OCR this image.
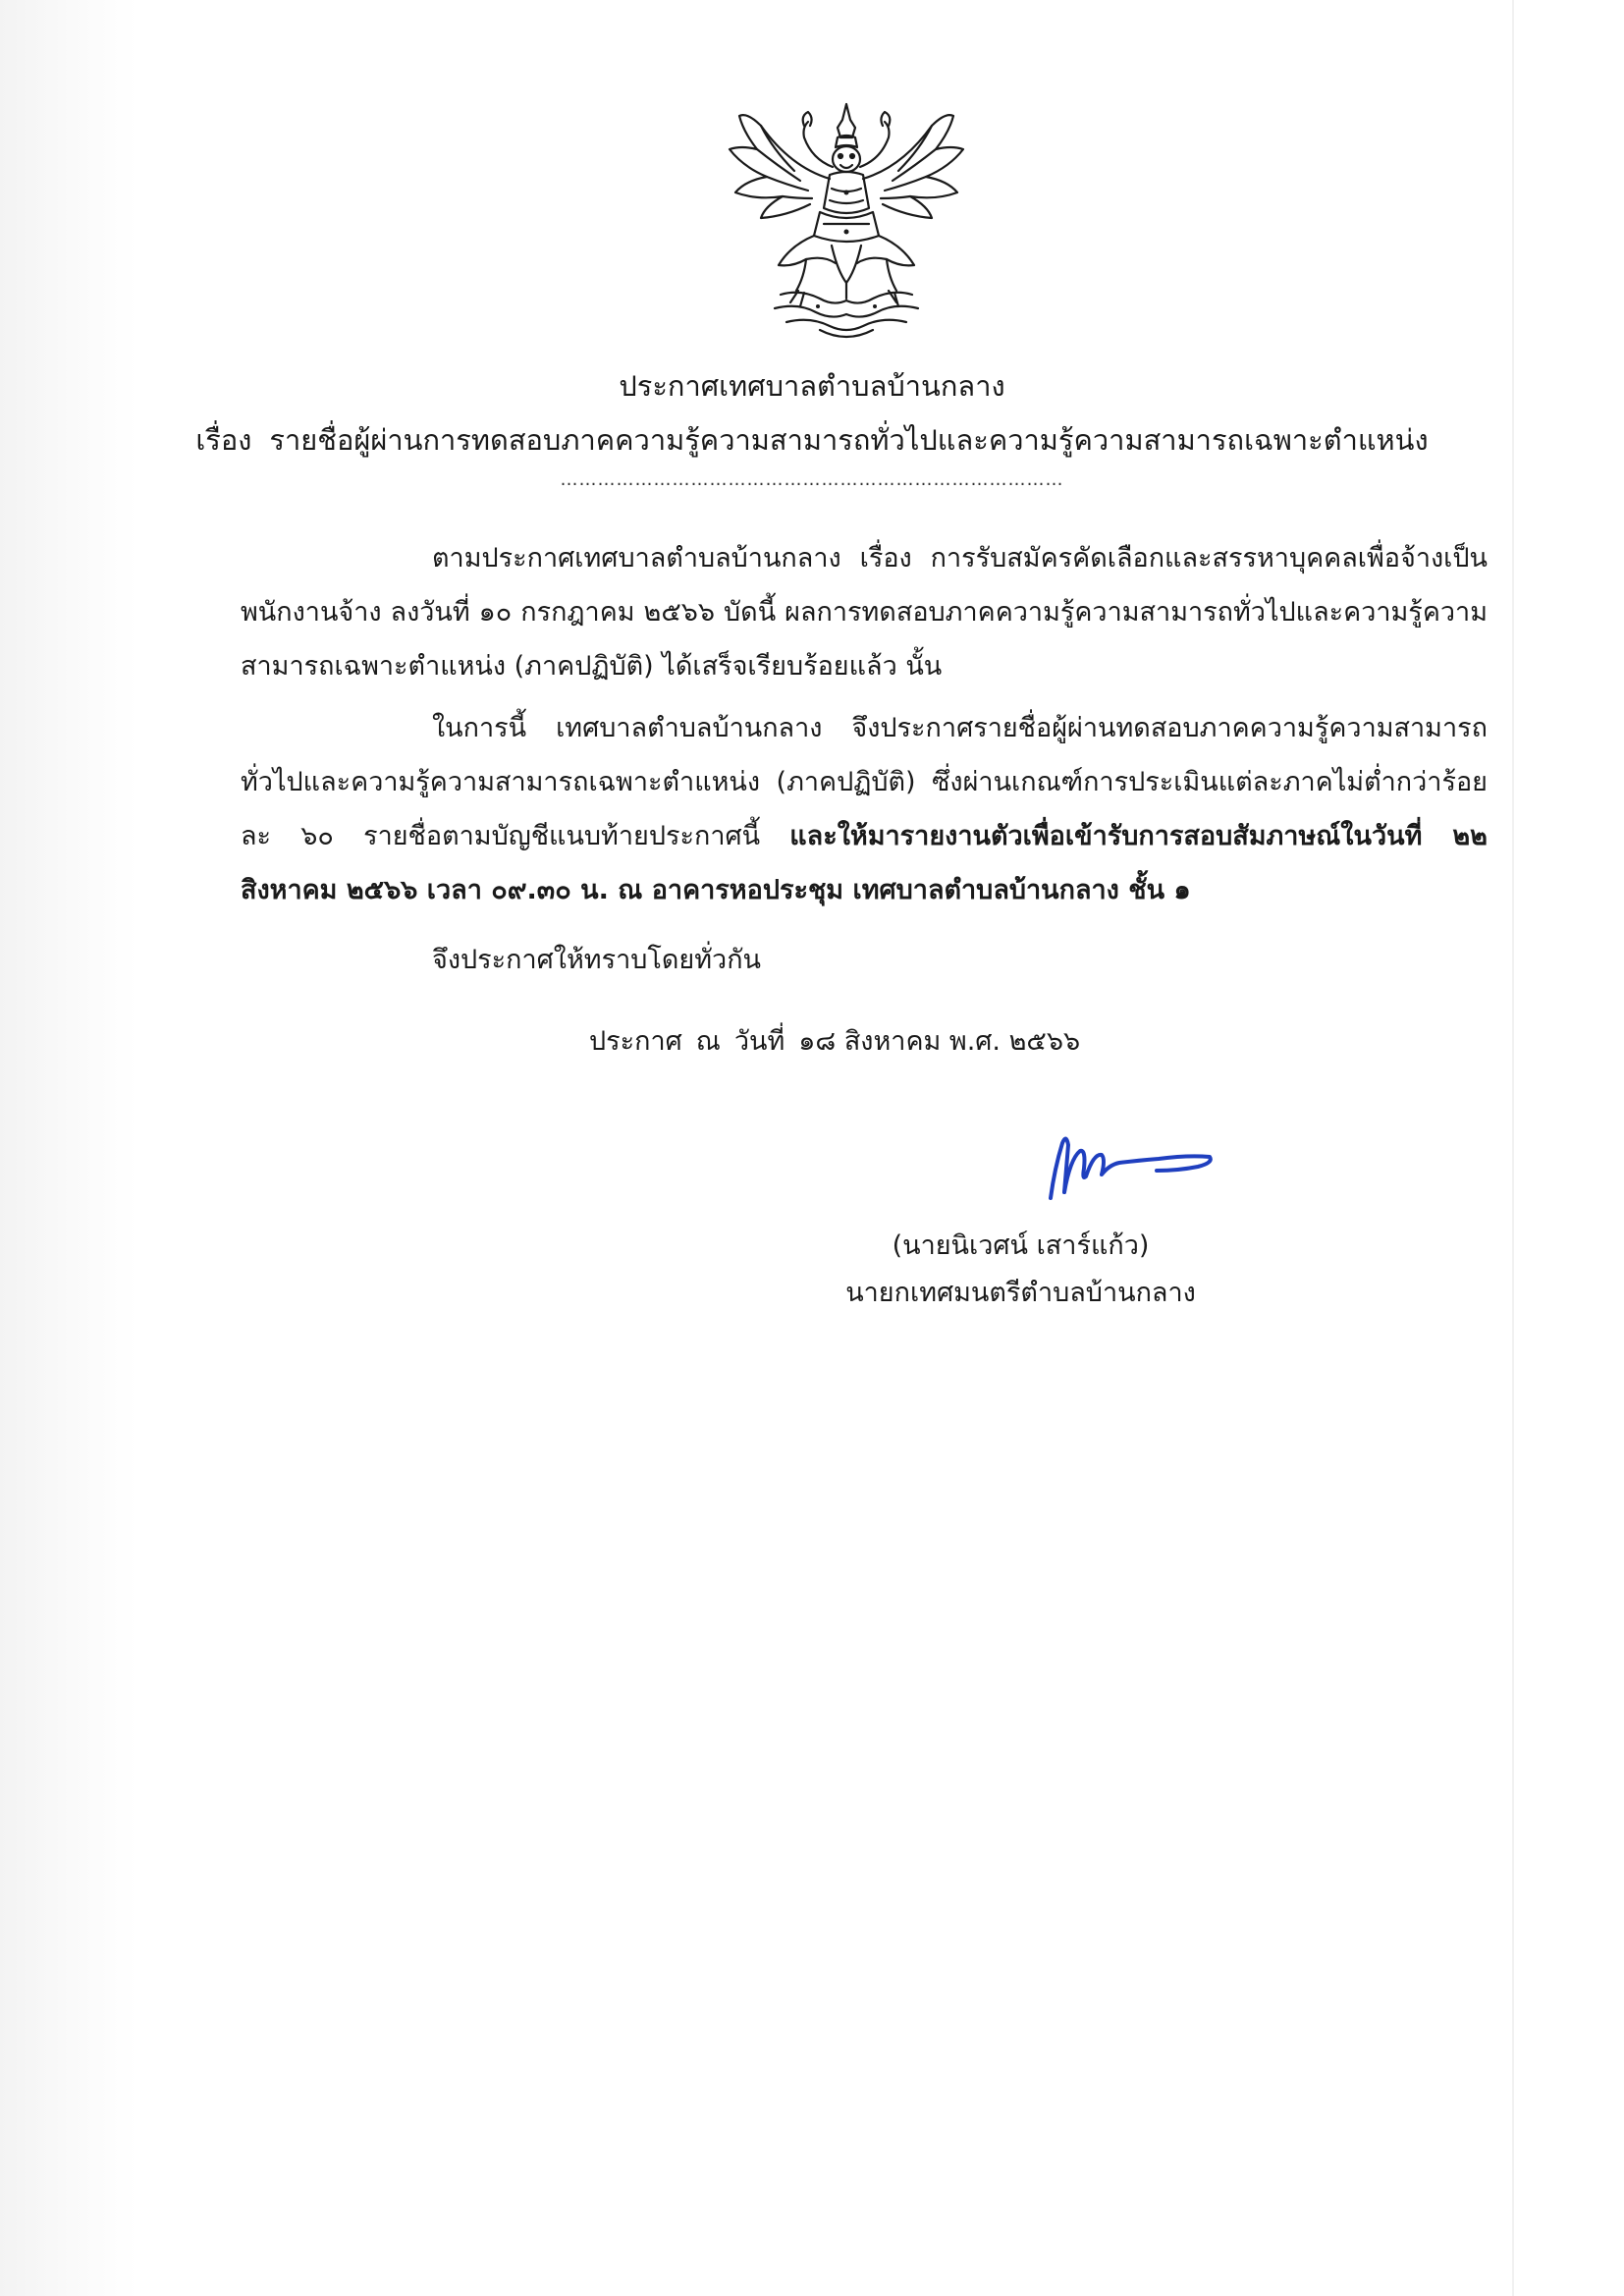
ประกาศเทศบาลตำบลบ้านกลาง
เรื่อง รายชื่อผู้ผ่านการทดสอบภาคความรู้ความสามารถทั่วไปและความรู้ความสามารถเฉพาะตำแหน่ง
………………………………………………………………………
ตามประกาศเทศบาลตำบลบ้านกลาง เรื่อง การรับสมัครคัดเลือกและสรรหาบุคคลเพื่อจ้างเป็นพนักงานจ้าง ลงวันที่ ๑๐ กรกฎาคม ๒๕๖๖ บัดนี้ ผลการทดสอบภาคความรู้ความสามารถทั่วไปและความรู้ความสามารถเฉพาะตำแหน่ง (ภาคปฏิบัติ) ได้เสร็จเรียบร้อยแล้ว นั้น
ในการนี้ เทศบาลตำบลบ้านกลาง จึงประกาศรายชื่อผู้ผ่านทดสอบภาคความรู้ความสามารถทั่วไปและความรู้ความสามารถเฉพาะตำแหน่ง (ภาคปฏิบัติ) ซึ่งผ่านเกณฑ์การประเมินแต่ละภาคไม่ต่ำกว่าร้อยละ ๖๐ รายชื่อตามบัญชีแนบท้ายประกาศนี้ และให้มารายงานตัวเพื่อเข้ารับการสอบสัมภาษณ์ในวันที่ ๒๒ สิงหาคม ๒๕๖๖ เวลา ๐๙.๓๐ น. ณ อาคารหอประชุม เทศบาลตำบลบ้านกลาง ชั้น ๑
จึงประกาศให้ทราบโดยทั่วกัน
ประกาศ ณ วันที่ ๑๘ สิงหาคม พ.ศ. ๒๕๖๖
(นายนิเวศน์ เสาร์แก้ว)
นายกเทศมนตรีตำบลบ้านกลาง
